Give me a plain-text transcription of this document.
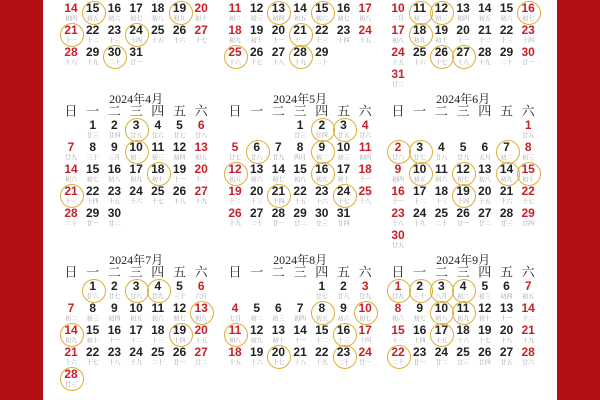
14
初四
15
初五
16
初六
17
初七
18
初八
19
初九
20
初十
21
十一
22
十二
23
十三
24
十四
25
十五
26
十六
27
十七
28
十八
29
十九
30
二十
31
廿一
11
初二
12
初三
13
初四
14
初五
15
初六
16
初七
17
初八
18
初九
19
初十
20
十一
21
十二
22
十三
23
十四
24
十五
25
十六
26
十七
27
十八
28
十九
29
二十
10
二月
11
初二
12
初三
13
初四
14
初五
15
初六
16
初七
17
初八
18
初九
19
初十
20
十一
21
十二
22
十三
23
十四
24
十五
25
十六
26
十七
27
十八
28
十九
29
二十
30
廿一
31
廿二
2024年4月
日 一 二 三 四 五 六
1
廿三
2
廿四
3
廿五
4
廿六
5
廿七
6
廿八
7
廿九
8
三十
9
三月
10
初二
11
初三
12
初四
13
初五
14
初六
15
初七
16
初八
17
初九
18
初十
19
十一
20
十二
21
十三
22
十四
23
十五
24
十六
25
十七
26
十八
27
十九
28
二十
29
廿一
30
廿二
2024年5月
日 一 二 三 四 五 六
1
廿三
2
廿四
3
廿五
4
廿六
5
廿七
6
廿八
7
廿九
8
四月
9
初二
10
初三
11
初四
12
初五
13
初六
14
初七
15
初八
16
初九
17
初十
18
十一
19
十二
20
十三
21
十四
22
十五
23
十六
24
十七
25
十八
26
十九
27
二十
28
廿一
29
廿二
30
廿三
31
廿四
2024年6月
日 一 二 三 四 五 六
1
廿五
2
廿六
3
廿七
4
廿八
5
廿九
6
五月
7
初二
8
初三
9
初四
10
初五
11
初六
12
初七
13
初八
14
初九
15
初十
16
十一
17
十二
18
十三
19
十四
20
十五
21
十六
22
十七
23
十八
24
十九
25
二十
26
廿一
27
廿二
28
廿三
29
廿四
30
廿五
2024年7月
日 一 二 三 四 五 六
1
廿六
2
廿七
3
廿八
4
廿九
5
三十
6
六月
7
初二
8
初三
9
初四
10
初五
11
初六
12
初七
13
初八
14
初九
15
初十
16
十一
17
十二
18
十三
19
十四
20
十五
21
十六
22
十七
23
十八
24
十九
25
二十
26
廿一
27
廿二
28
廿三
2024年8月
日 一 二 三 四 五 六
1
廿七
2
廿八
3
廿九
4
七月
5
初二
6
初三
7
初四
8
初五
9
初六
10
初七
11
初八
12
初九
13
初十
14
十一
15
十二
16
十三
17
十四
18
十五
19
十六
20
十七
21
十八
22
十九
23
二十
24
廿一
2024年9月
日 一 二 三 四 五 六
1
廿九
2
三十
3
八月
4
初二
5
初三
6
初四
7
初五
8
初六
9
初七
10
初八
11
初九
12
初十
13
十一
14
十二
15
十三
16
十四
17
十五
18
十六
19
十七
20
十八
21
十九
22
二十
23
廿一
24
廿二
25
廿三
26
廿四
27
廿五
28
廿六
